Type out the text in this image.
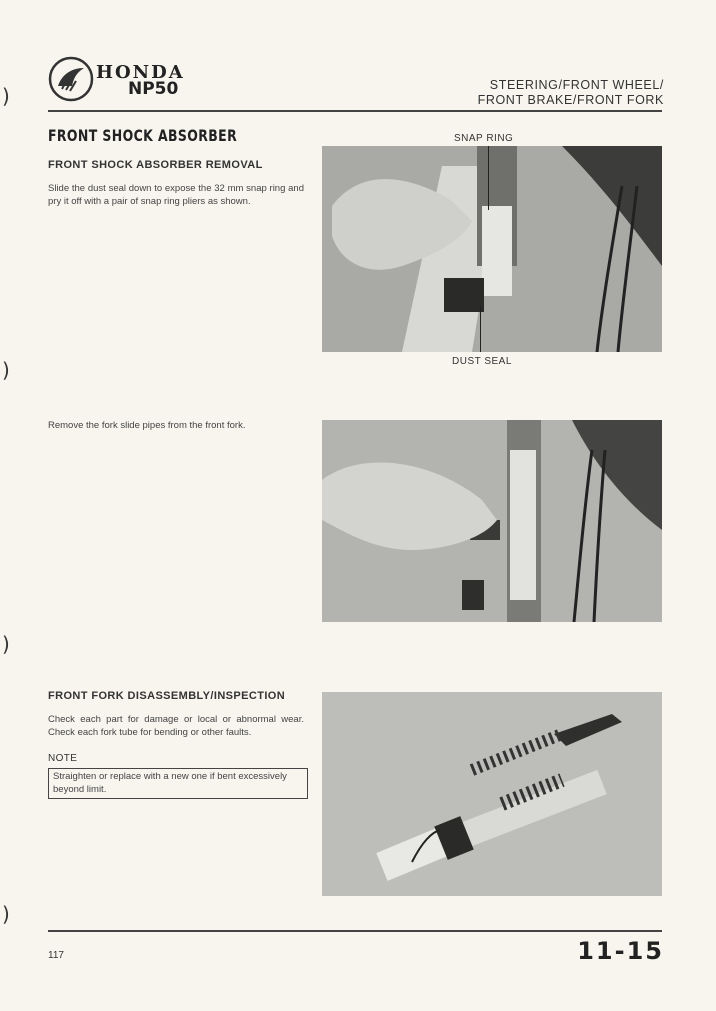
)
)
)
)
HONDA
NP50	STEERING/FRONT WHEEL/
FRONT BRAKE/FRONT FORK
FRONT SHOCK ABSORBER
FRONT SHOCK ABSORBER REMOVAL
Slide the dust seal down to expose the 32 mm snap ring and pry it off with a pair of snap ring pliers as shown.
SNAP RING
DUST SEAL
Remove the fork slide pipes from the front fork.
FRONT FORK DISASSEMBLY/INSPECTION
Check each part for damage or local or abnormal wear. Check each fork tube for bending or other faults.
NOTE
Straighten or replace with a new one if bent excessively beyond limit.
117	11-15
